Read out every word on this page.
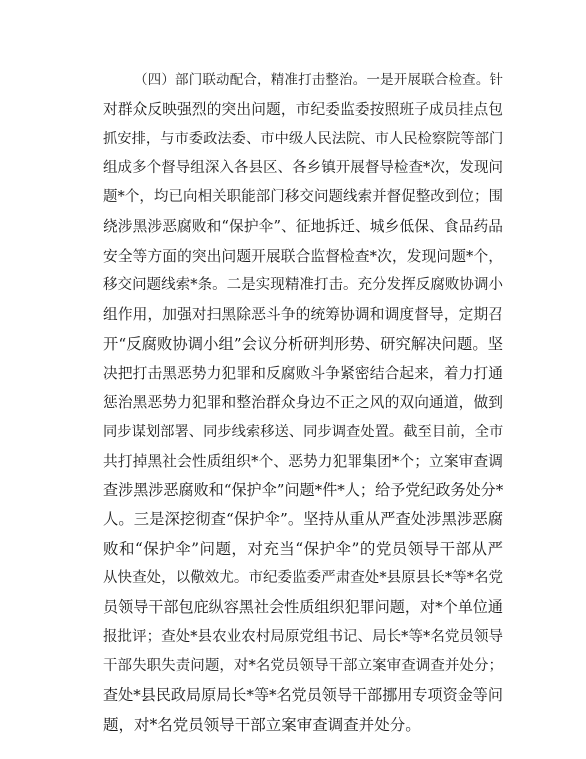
（四）部门联动配合，精准打击整治。一是开展联合检查。针
对群众反映强烈的突出问题，市纪委监委按照班子成员挂点包
抓安排，与市委政法委、市中级人民法院、市人民检察院等部门
组成多个督导组深入各县区、各乡镇开展督导检查*次，发现问
题*个，均已向相关职能部门移交问题线索并督促整改到位；围
绕涉黑涉恶腐败和“保护伞”、征地拆迁、城乡低保、食品药品
安全等方面的突出问题开展联合监督检查*次，发现问题*个，
移交问题线索*条。二是实现精准打击。充分发挥反腐败协调小
组作用，加强对扫黑除恶斗争的统筹协调和调度督导，定期召
开“反腐败协调小组”会议分析研判形势、研究解决问题。坚
决把打击黑恶势力犯罪和反腐败斗争紧密结合起来，着力打通
惩治黑恶势力犯罪和整治群众身边不正之风的双向通道，做到
同步谋划部署、同步线索移送、同步调查处置。截至目前，全市
共打掉黑社会性质组织*个、恶势力犯罪集团*个；立案审查调
查涉黑涉恶腐败和“保护伞”问题*件*人；给予党纪政务处分*
人。三是深挖彻查“保护伞”。坚持从重从严查处涉黑涉恶腐
败和“保护伞”问题，对充当“保护伞”的党员领导干部从严
从快查处，以儆效尤。市纪委监委严肃查处*县原县长*等*名党
员领导干部包庇纵容黑社会性质组织犯罪问题，对*个单位通
报批评；查处*县农业农村局原党组书记、局长*等*名党员领导
干部失职失责问题，对*名党员领导干部立案审查调查并处分；
查处*县民政局原局长*等*名党员领导干部挪用专项资金等问
题，对*名党员领导干部立案审查调查并处分。
